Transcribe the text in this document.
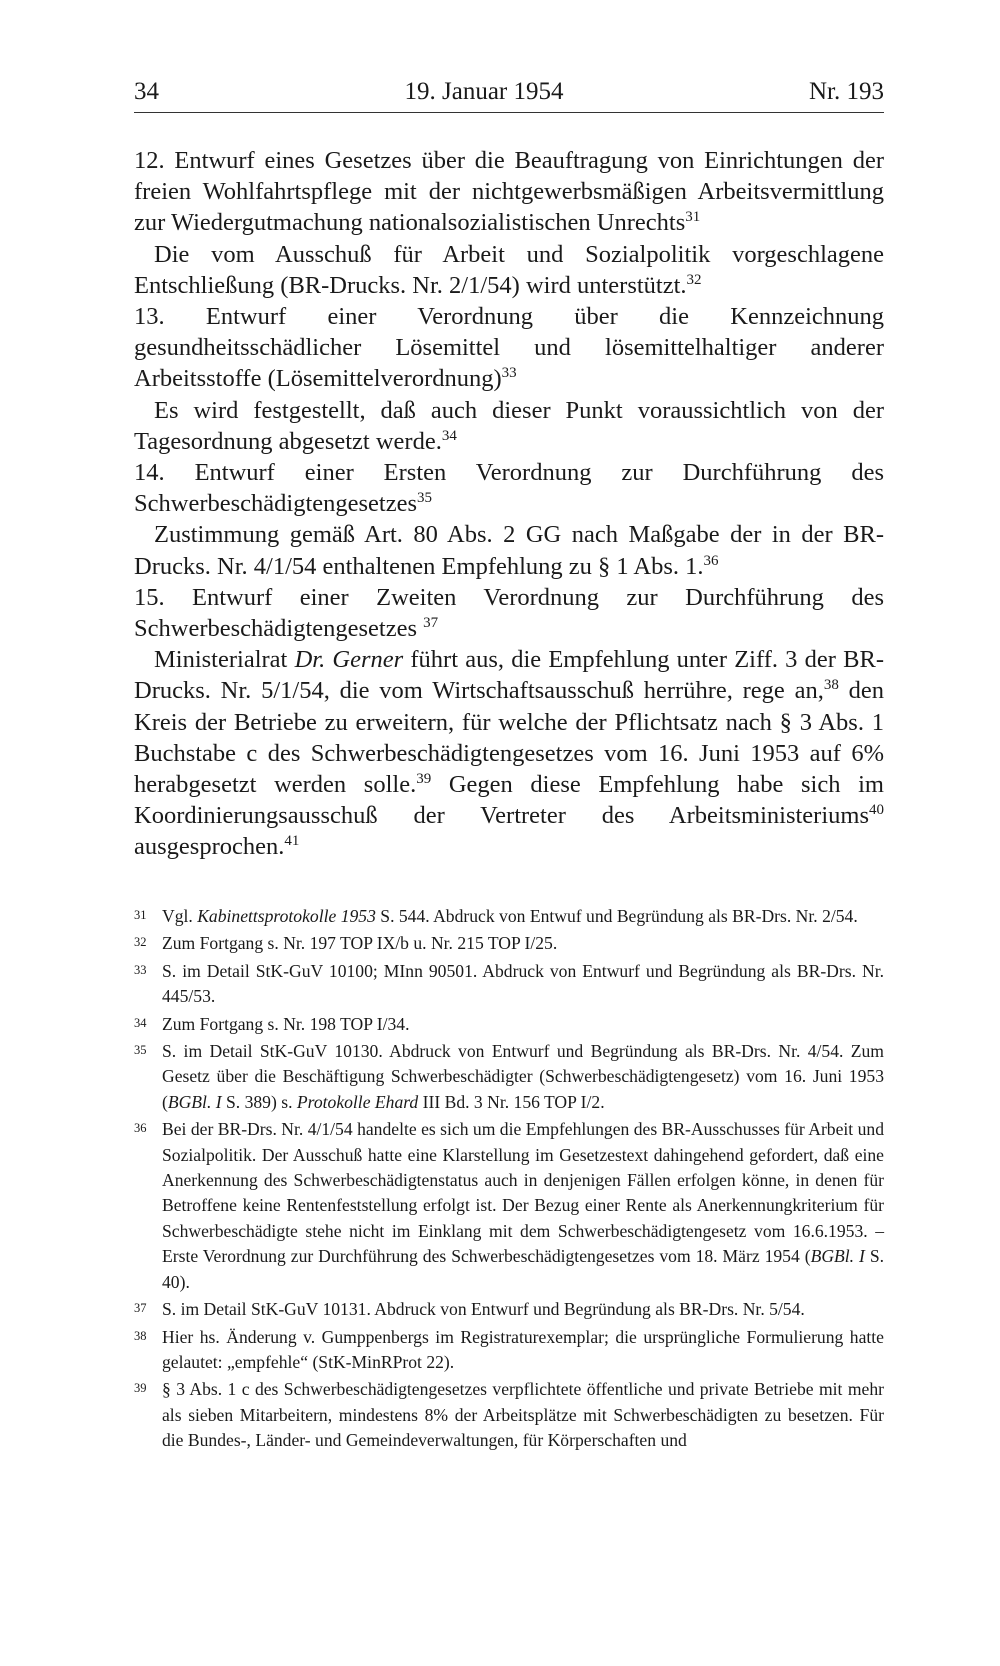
34	19. Januar 1954	Nr. 193

12. Entwurf eines Gesetzes über die Beauftragung von Einrichtungen der freien Wohlfahrtspflege mit der nichtgewerbsmäßigen Arbeitsvermittlung zur Wiedergutmachung nationalsozialistischen Unrechts$^{31}$

Die vom Ausschuß für Arbeit und Sozialpolitik vorgeschlagene Entschließung (BR-Drucks. Nr. 2/1/54) wird unterstützt.$^{32}$

13. Entwurf einer Verordnung über die Kennzeichnung gesundheitsschädlicher Lösemittel und lösemittelhaltiger anderer Arbeitsstoffe (Lösemittelverordnung)$^{33}$

Es wird festgestellt, daß auch dieser Punkt voraussichtlich von der Tagesordnung abgesetzt werde.$^{34}$

14. Entwurf einer Ersten Verordnung zur Durchführung des Schwerbeschädigtengesetzes$^{35}$

Zustimmung gemäß Art. 80 Abs. 2 GG nach Maßgabe der in der BR-Drucks. Nr. 4/1/54 enthaltenen Empfehlung zu § 1 Abs. 1.36

15. Entwurf einer Zweiten Verordnung zur Durchführung des Schwerbeschädigtengesetzes $^{37}$

Ministerialrat Dr. Gerner führt aus, die Empfehlung unter Ziff. 3 der BR-Drucks. Nr. 5/1/54, die vom Wirtschaftsausschuß herrühre, rege an,$^{38}$ den Kreis der Betriebe zu erweitern, für welche der Pflichtsatz nach § 3 Abs. 1 Buchstabe c des Schwerbeschädigtengesetzes vom 16. Juni 1953 auf 6% herabgesetzt werden solle.$^{39}$ Gegen diese Empfehlung habe sich im Koordinierungsausschuß der Vertreter des Arbeitsministeriums$^{40}$ ausgesprochen.$^{41}$

31 Vgl. Kabinettsprotokolle 1953 S. 544. Abdruck von Entwuf und Begründung als BR-Drs. Nr. 2/54.
32 Zum Fortgang s. Nr. 197 TOP IX/b u. Nr. 215 TOP I/25.
33 S. im Detail StK-GuV 10100; MInn 90501. Abdruck von Entwurf und Begründung als BR-Drs. Nr. 445/53.
34 Zum Fortgang s. Nr. 198 TOP I/34.
35 S. im Detail StK-GuV 10130. Abdruck von Entwurf und Begründung als BR-Drs. Nr. 4/54. Zum Gesetz über die Beschäftigung Schwerbeschädigter (Schwerbeschädigtengesetz) vom 16. Juni 1953 (BGBl. I S. 389) s. Protokolle Ehard III Bd. 3 Nr. 156 TOP I/2.
36 Bei der BR-Drs. Nr. 4/1/54 handelte es sich um die Empfehlungen des BR-Ausschusses für Arbeit und Sozialpolitik. Der Ausschuß hatte eine Klarstellung im Gesetzestext dahingehend gefordert, daß eine Anerkennung des Schwerbeschädigtenstatus auch in denjenigen Fällen erfolgen könne, in denen für Betroffene keine Rentenfeststellung erfolgt ist. Der Bezug einer Rente als Anerkennungkriterium für Schwerbeschädigte stehe nicht im Einklang mit dem Schwerbeschädigtengesetz vom 16.6.1953. – Erste Verordnung zur Durchführung des Schwerbeschädigtengesetzes vom 18. März 1954 (BGBl. I S. 40).
37 S. im Detail StK-GuV 10131. Abdruck von Entwurf und Begründung als BR-Drs. Nr. 5/54.
38 Hier hs. Änderung v. Gumppenbergs im Registraturexemplar; die ursprüngliche Formulierung hatte gelautet: „empfehle“ (StK-MinRProt 22).
39 § 3 Abs. 1 c des Schwerbeschädigtengesetzes verpflichtete öffentliche und private Betriebe mit mehr als sieben Mitarbeitern, mindestens 8% der Arbeitsplätze mit Schwerbeschädigten zu besetzen. Für die Bundes-, Länder- und Gemeindeverwaltungen, für Körperschaften und
